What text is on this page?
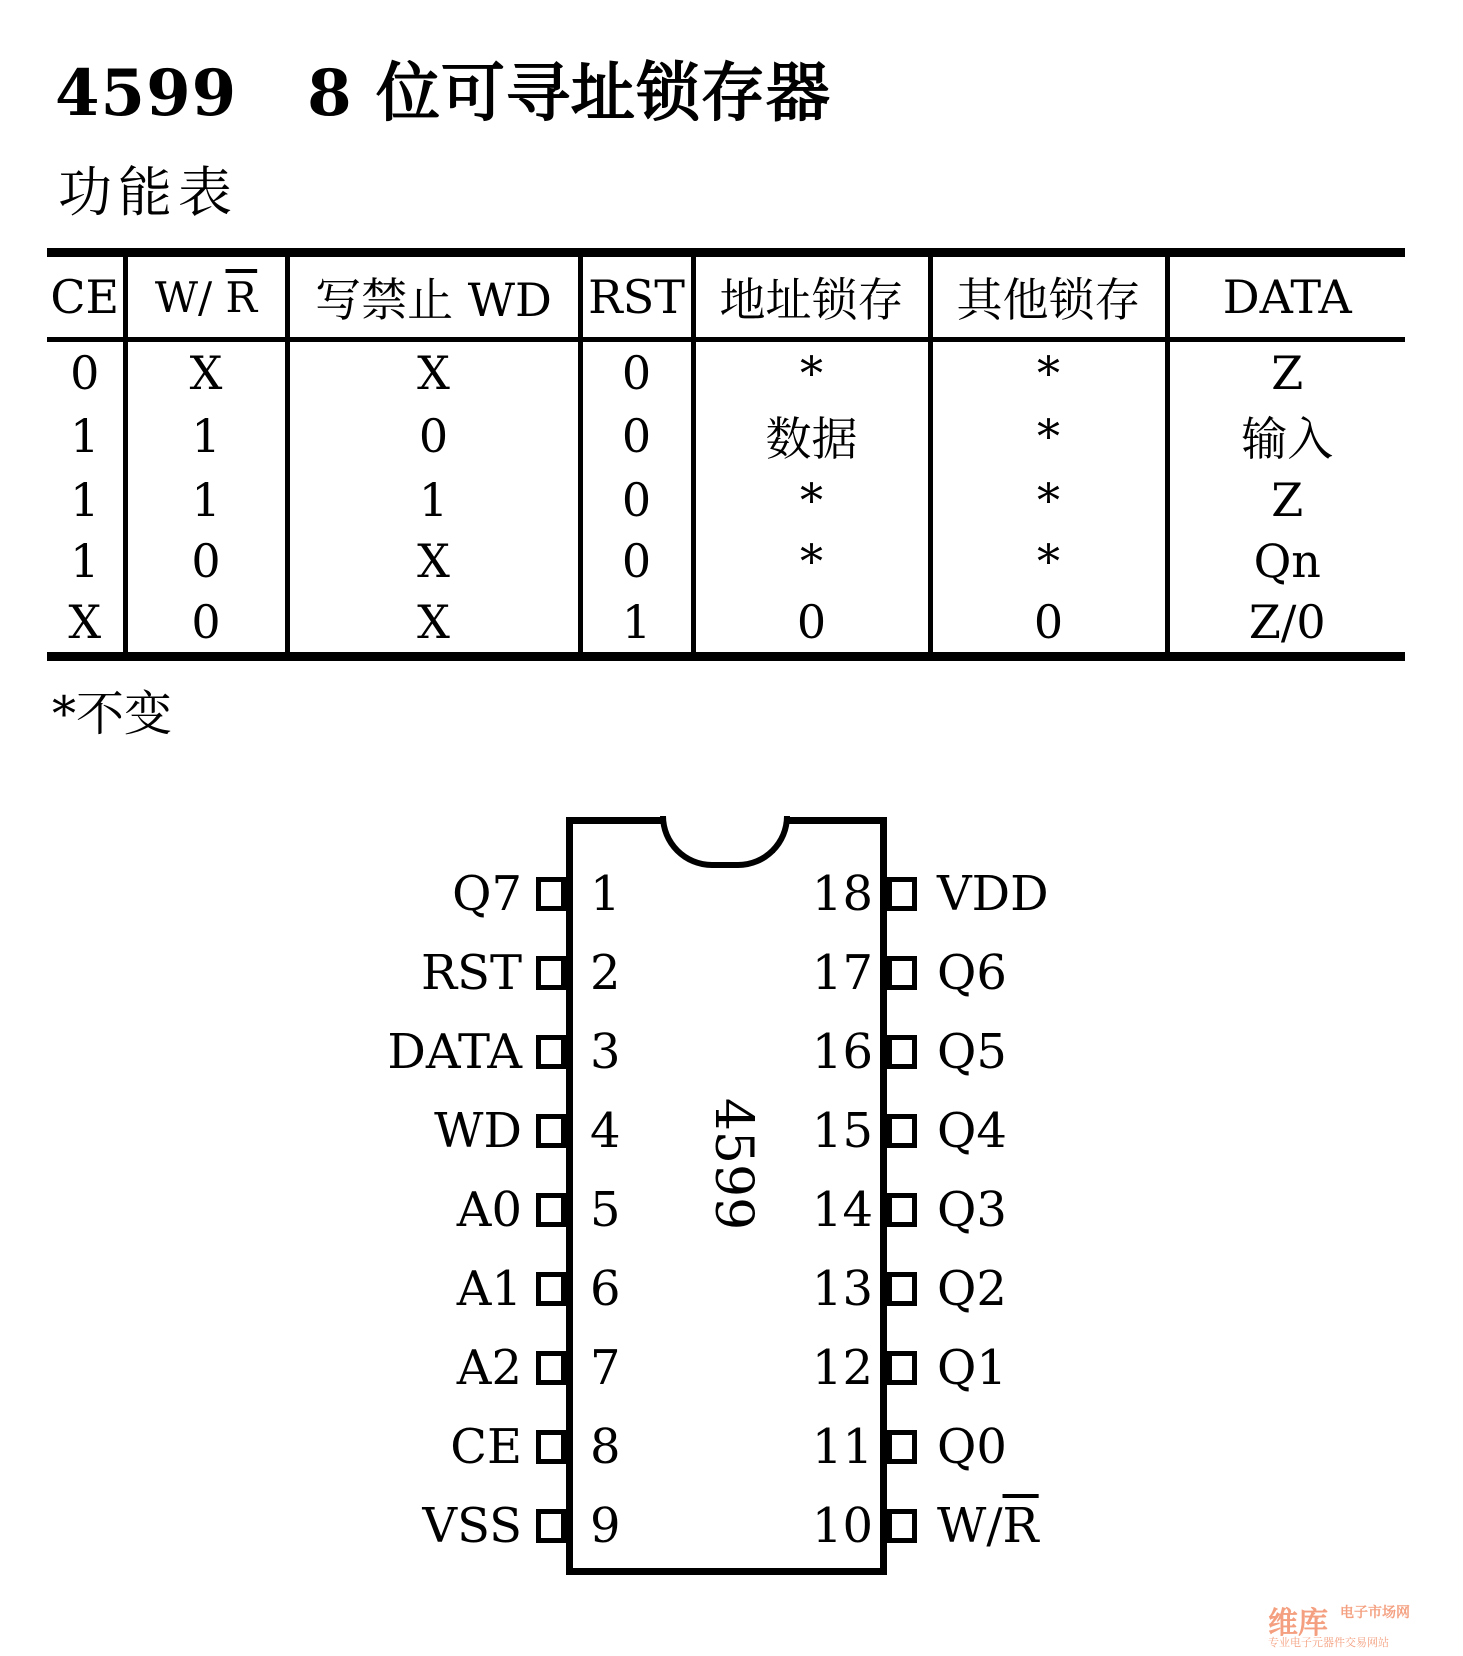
4599 8 位可寻址锁存器
功能表
CE	W/ $\overline{R}$	写禁止 WD	RST	地址锁存	其他锁存	DATA
0	X	X	0	*	*	Z
1	1	0	0	数据	*	输入
1	1	1	0	*	*	Z
1	0	X	0	*	*	Qn
X	0	X	1	0	0	Z/0
*不变
4599
Q7 1
RST 2
DATA 3
WD 4
A0 5
A1 6
A2 7
CE 8
VSS 9
18 VDD
17 Q6
16 Q5
15 Q4
14 Q3
13 Q2
12 Q1
11 Q0
10 $W/\overline{R}$
维库 电子市场网
专业电子元器件交易网站
